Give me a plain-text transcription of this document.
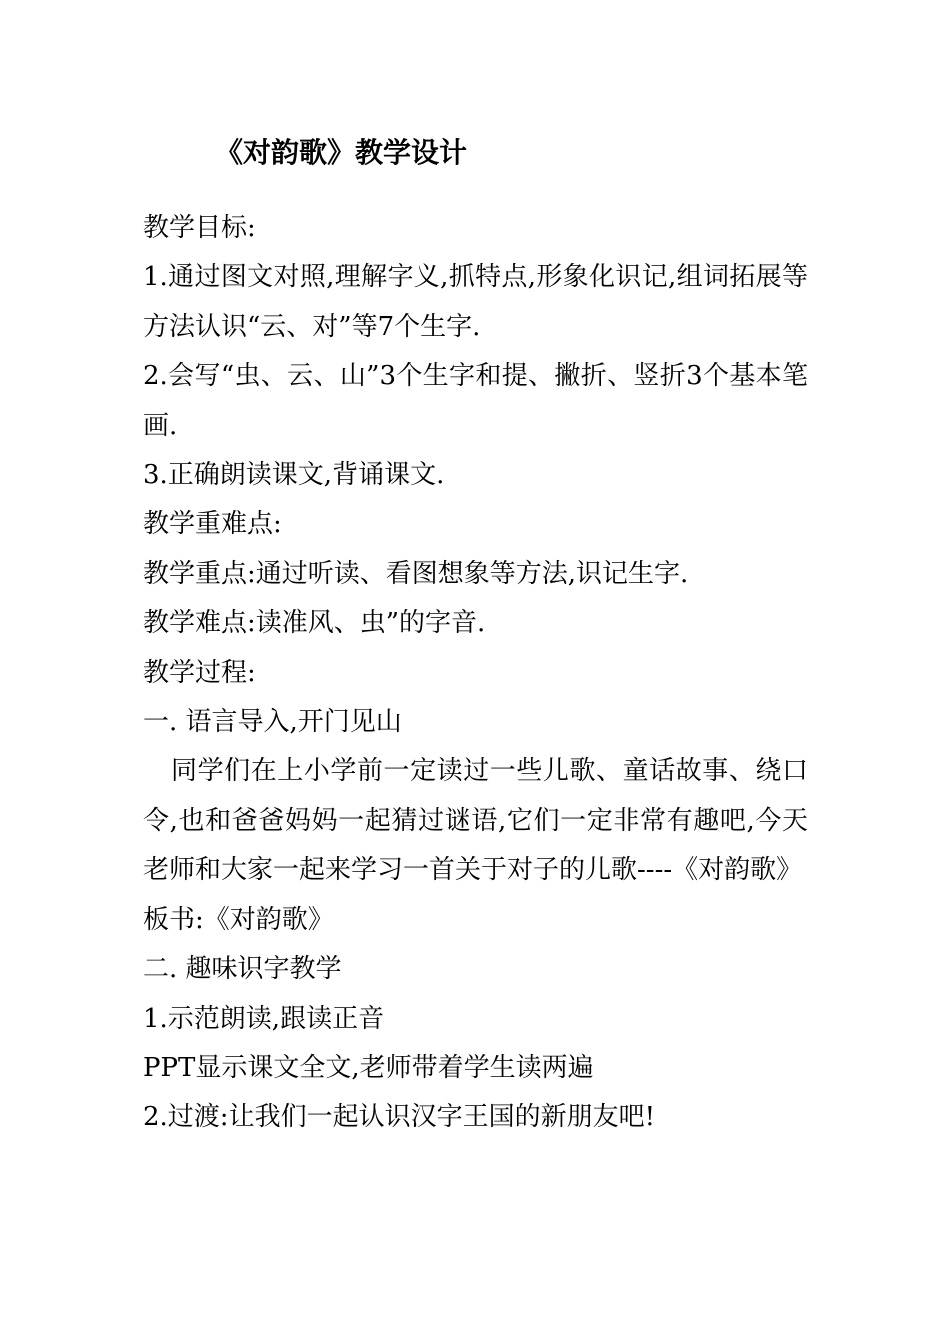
《对韵歌》教学设计

教学目标:

1.通过图文对照,理解字义,抓特点,形象化识记,组词拓展等方法认识“云、对”等7个生字.

2.会写“虫、云、山”3个生字和提、撇折、竖折3个基本笔画.

3.正确朗读课文,背诵课文.

教学重难点:

教学重点:通过听读、看图想象等方法,识记生字.

教学难点:读准风、虫”的字音.

教学过程:

一. 语言导入,开门见山

同学们在上小学前一定读过一些儿歌、童话故事、绕口令,也和爸爸妈妈一起猜过谜语,它们一定非常有趣吧,今天老师和大家一起来学习一首关于对子的儿歌----《对韵歌》

板书:《对韵歌》

二. 趣味识字教学

1.示范朗读,跟读正音

PPT显示课文全文,老师带着学生读两遍

2.过渡:让我们一起认识汉字王国的新朋友吧!
